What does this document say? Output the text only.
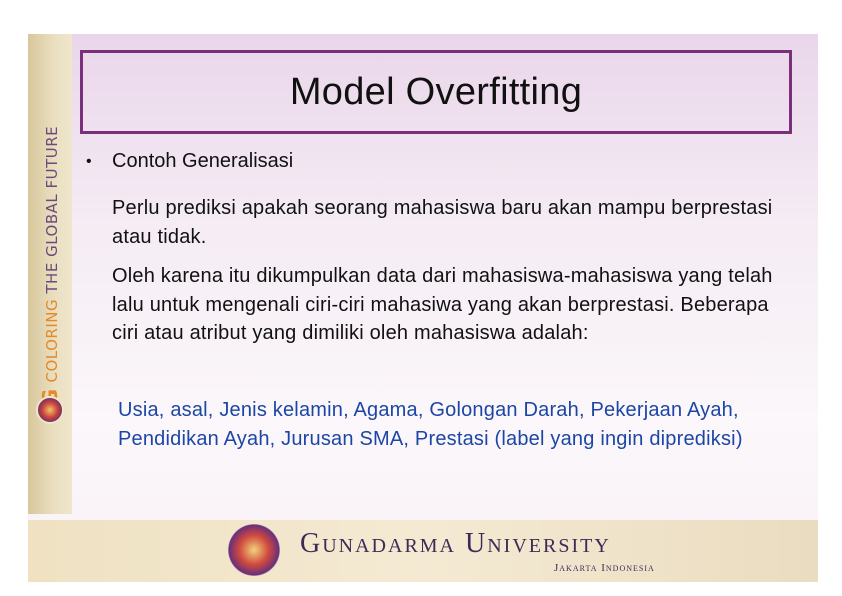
COLORING THE GLOBAL FUTURE
Model Overfitting
•	Contoh Generalisasi

Perlu prediksi apakah seorang mahasiswa baru akan mampu berprestasi atau tidak.

Oleh karena itu dikumpulkan data dari mahasiswa-mahasiswa yang telah lalu untuk mengenali ciri-ciri mahasiwa yang akan berprestasi. Beberapa ciri atau atribut yang dimiliki oleh mahasiswa adalah:

Usia, asal, Jenis kelamin, Agama, Golongan Darah, Pekerjaan Ayah, Pendidikan Ayah, Jurusan SMA, Prestasi (label yang ingin diprediksi)

Gunadarma University
Jakarta Indonesia
